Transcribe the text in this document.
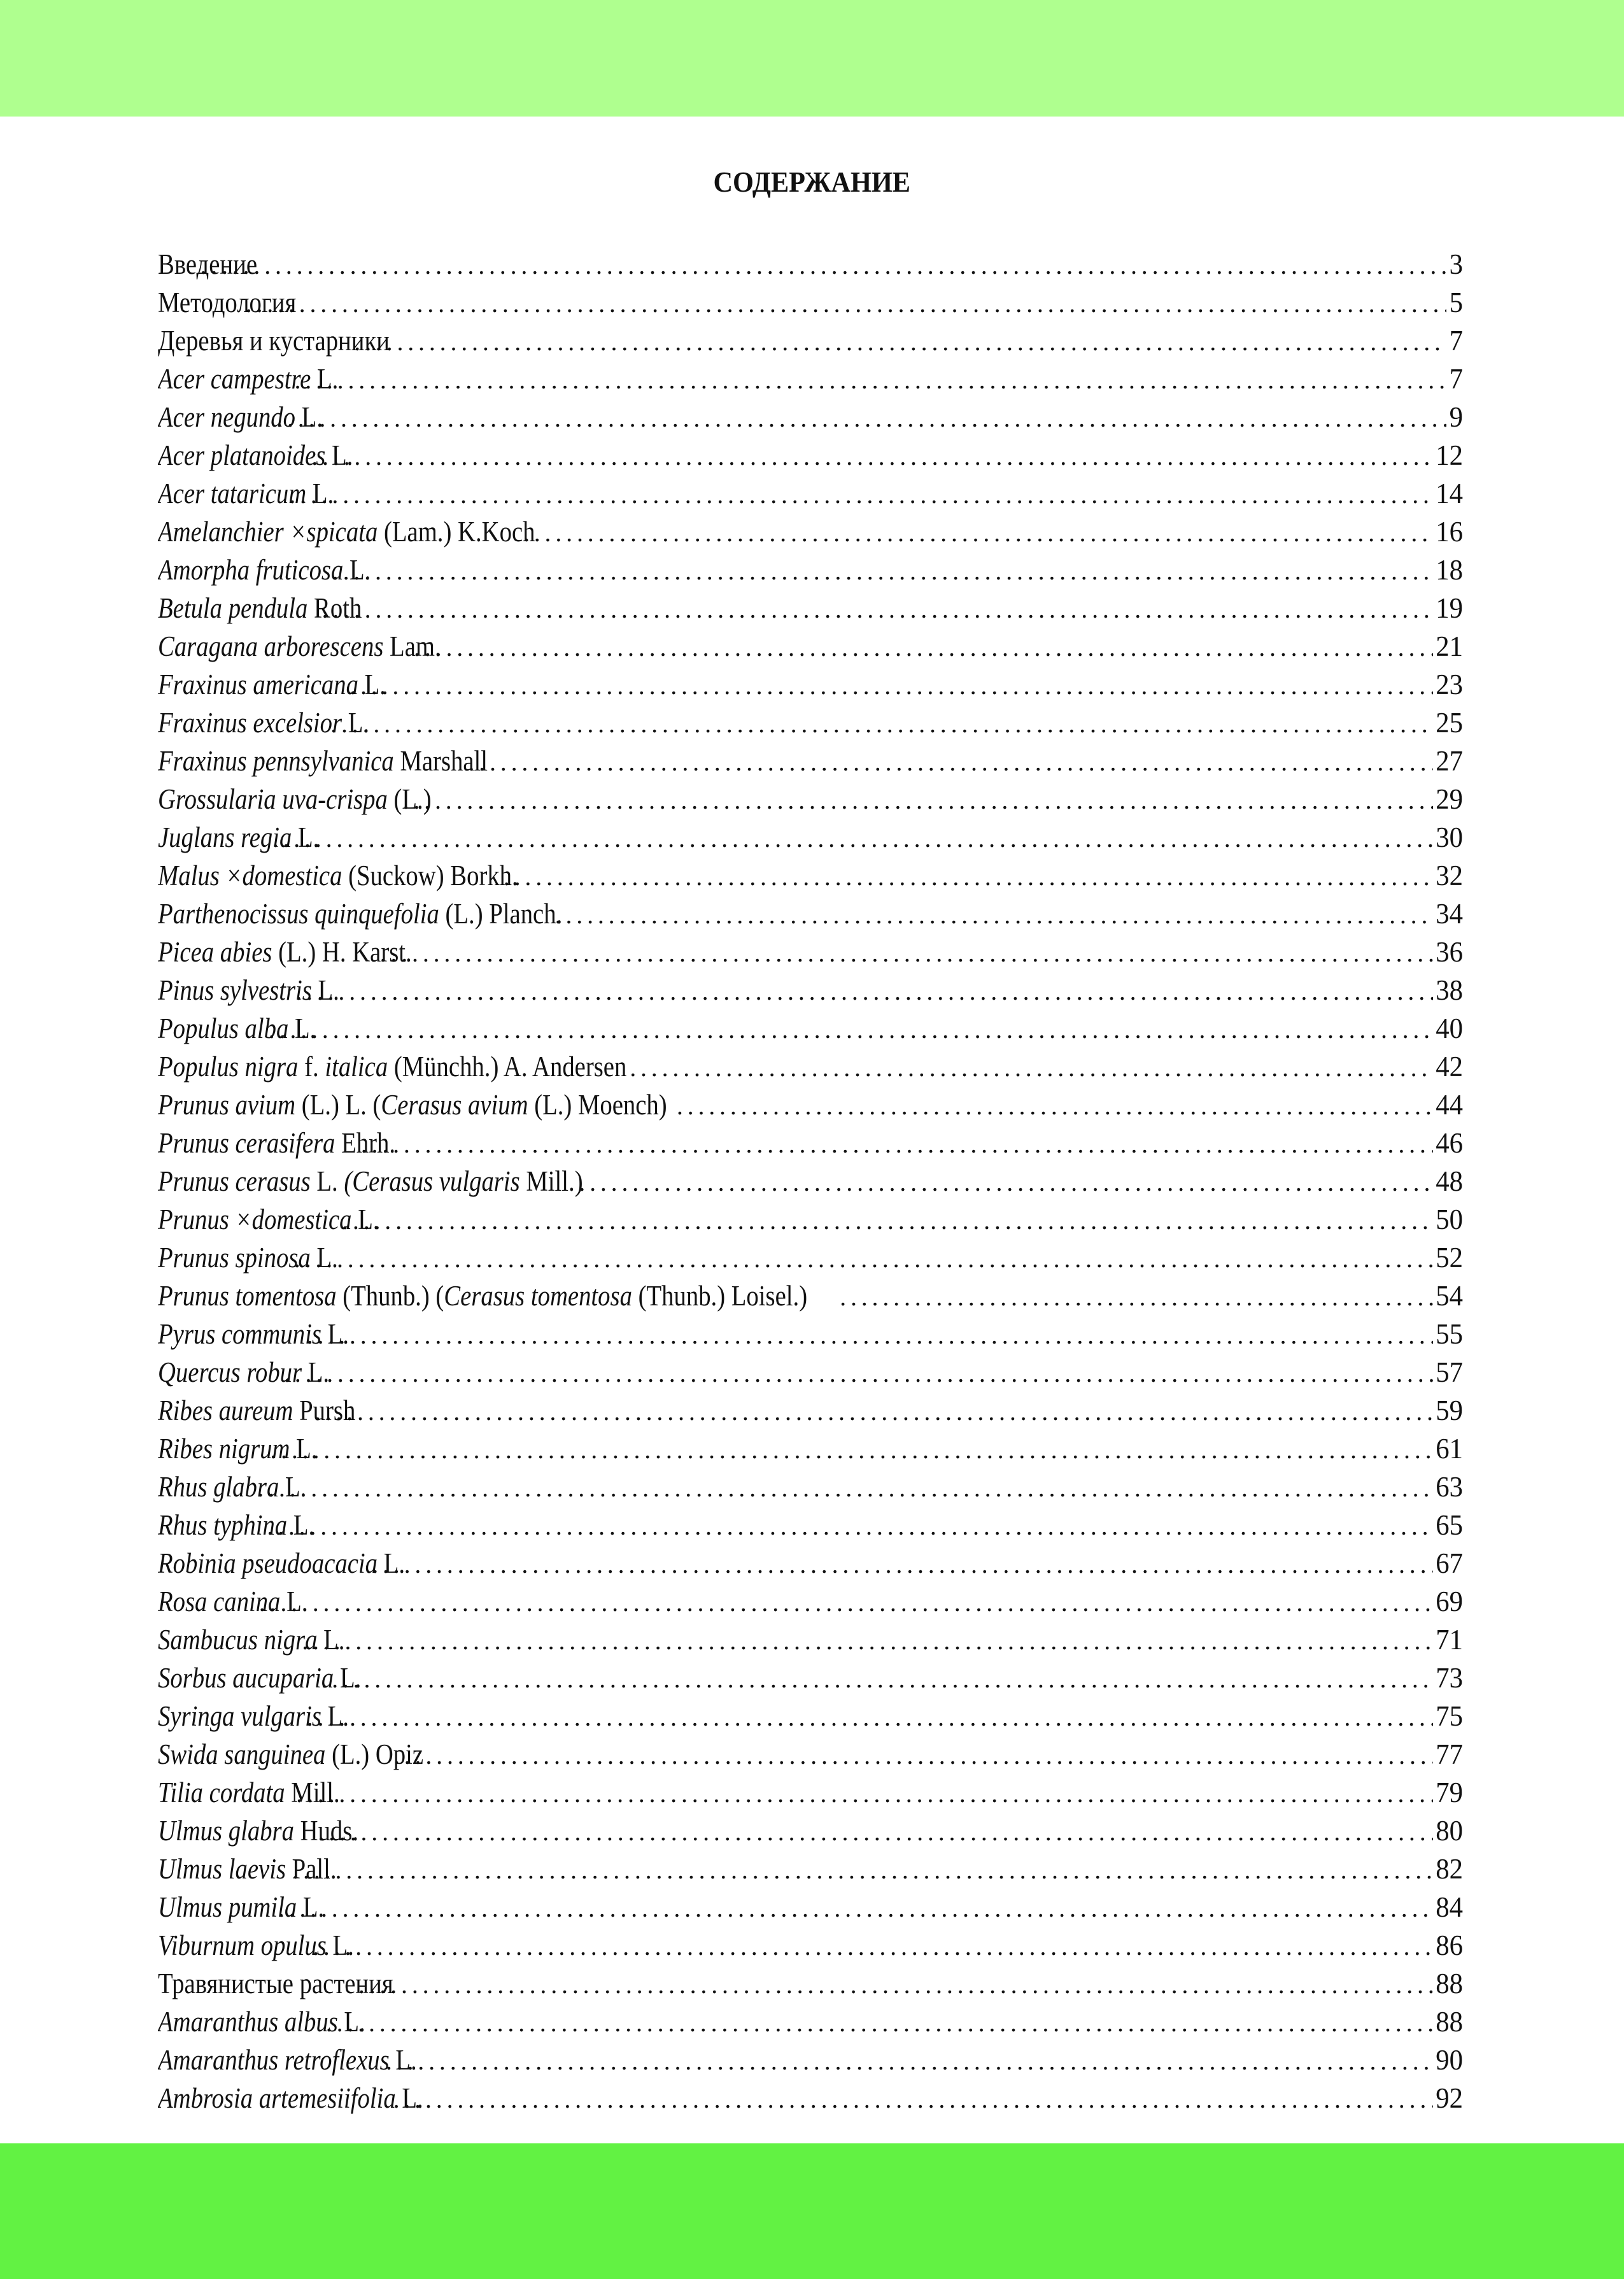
СОДЕРЖАНИЕ
Введение . . .	3
Методология . . .	5
Деревья и кустарники . . .	7
Acer campestre L. . . .	7
Acer negundo L. . . .	9
Acer platanoides L. . . .	12
Acer tataricum L. . . .	14
Amelanchier ×spicata (Lam.) K.Koch . . .	16
Amorpha fruticosa L. . . .	18
Betula pendula Roth . . .	19
Caragana arborescens Lam. . . .	21
Fraxinus americana L. . . .	23
Fraxinus excelsior L. . . .	25
Fraxinus pennsylvanica Marshall . . .	27
Grossularia uva-crispa (L.) . . .	29
Juglans regia L. . . .	30
Malus ×domestica (Suckow) Borkh. . . .	32
Parthenocissus quinquefolia (L.) Planch. . . .	34
Picea abies (L.) H. Karst. . . .	36
Pinus sylvestris L. . . .	38
Populus alba L. . . .	40
Populus nigra f. italica (Münchh.) A. Andersen . . .	42
Prunus avium (L.) L. (Cerasus avium (L.) Moench) . . .	44
Prunus cerasifera Ehrh. . . .	46
Prunus cerasus L. (Cerasus vulgaris Mill.) . . .	48
Prunus ×domestica L. . . .	50
Prunus spinosa L. . . .	52
Prunus tomentosa (Thunb.) (Cerasus tomentosa (Thunb.) Loisel.) . . .	54
Pyrus communis L. . . .	55
Quercus robur L. . . .	57
Ribes aureum Pursh . . .	59
Ribes nigrum L. . . .	61
Rhus glabra L. . . .	63
Rhus typhina L. . . .	65
Robinia pseudoacacia L. . . .	67
Rosa canina L. . . .	69
Sambucus nigra L. . . .	71
Sorbus aucuparia L. . . .	73
Syringa vulgaris L. . . .	75
Swida sanguinea (L.) Opiz . . .	77
Tilia cordata Mill. . . .	79
Ulmus glabra Huds. . . .	80
Ulmus laevis Pall. . . .	82
Ulmus pumila L. . . .	84
Viburnum opulus L. . . .	86
Травянистые растения . . .	88
Amaranthus albus L. . . .	88
Amaranthus retroflexus L. . . .	90
Ambrosia artemesiifolia L. . . .	92
